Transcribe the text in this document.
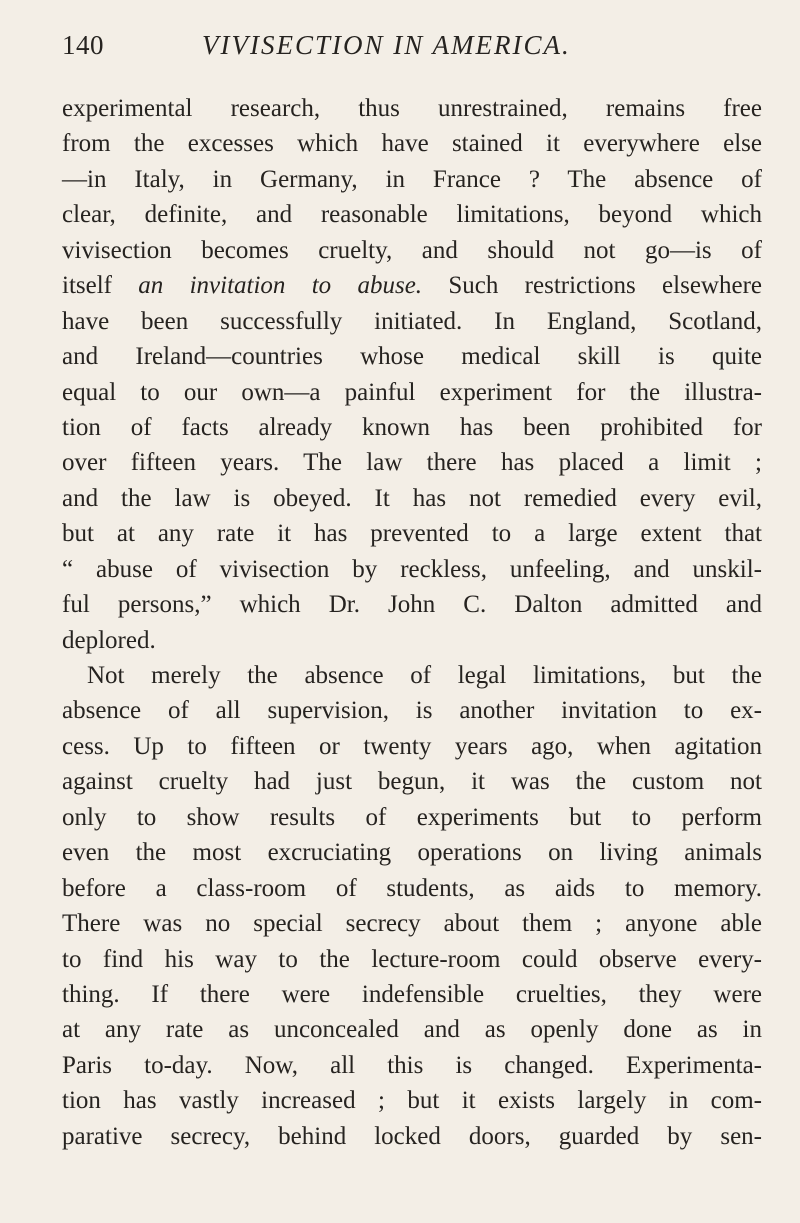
140	VIVISECTION IN AMERICA.
experimental research, thus unrestrained, remains free
from the excesses which have stained it everywhere else
—in Italy, in Germany, in France ? The absence of
clear, definite, and reasonable limitations, beyond which
vivisection becomes cruelty, and should not go—is of
itself an invitation to abuse. Such restrictions elsewhere
have been successfully initiated. In England, Scotland,
and Ireland—countries whose medical skill is quite
equal to our own—a painful experiment for the illustra-
tion of facts already known has been prohibited for
over fifteen years. The law there has placed a limit ;
and the law is obeyed. It has not remedied every evil,
but at any rate it has prevented to a large extent that
“ abuse of vivisection by reckless, unfeeling, and unskil-
ful persons,” which Dr. John C. Dalton admitted and
deplored.
Not merely the absence of legal limitations, but the
absence of all supervision, is another invitation to ex-
cess. Up to fifteen or twenty years ago, when agitation
against cruelty had just begun, it was the custom not
only to show results of experiments but to perform
even the most excruciating operations on living animals
before a class-room of students, as aids to memory.
There was no special secrecy about them ; anyone able
to find his way to the lecture-room could observe every-
thing. If there were indefensible cruelties, they were
at any rate as unconcealed and as openly done as in
Paris to-day. Now, all this is changed. Experimenta-
tion has vastly increased ; but it exists largely in com-
parative secrecy, behind locked doors, guarded by sen-
